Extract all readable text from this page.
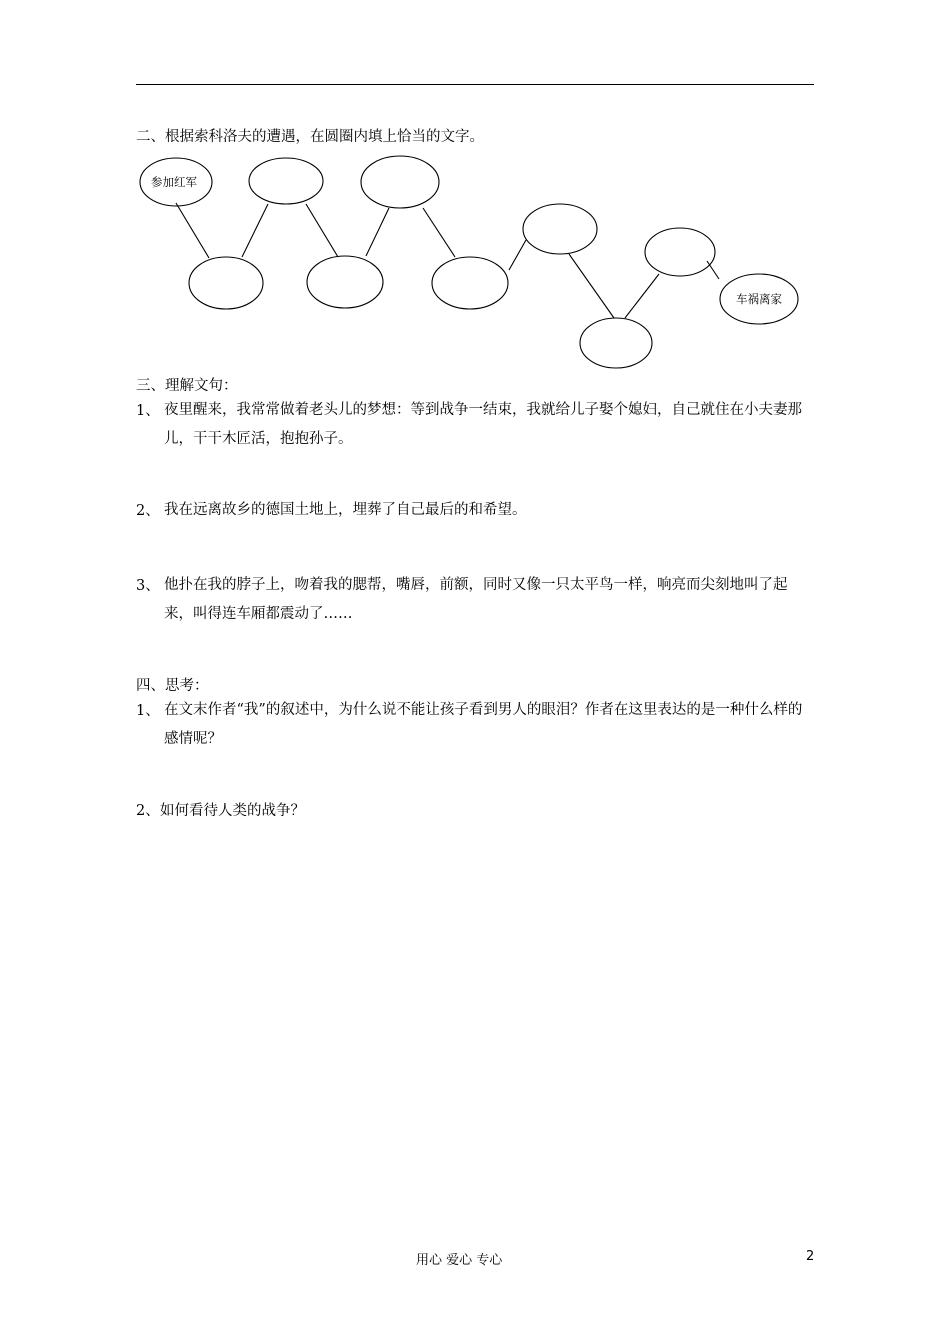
二、根据索科洛夫的遭遇，在圆圈内填上恰当的文字。
参加红军
车祸离家
三、理解文句：
1、 夜里醒来，我常常做着老头儿的梦想：等到战争一结束，我就给儿子娶个媳妇，自己就住在小夫妻那儿，干干木匠活，抱抱孙子。
2、 我在远离故乡的德国土地上，埋葬了自己最后的和希望。
3、 他扑在我的脖子上，吻着我的腮帮，嘴唇，前额，同时又像一只太平鸟一样，响亮而尖刻地叫了起来，叫得连车厢都震动了……
四、思考：
1、 在文末作者“我”的叙述中，为什么说不能让孩子看到男人的眼泪？作者在这里表达的是一种什么样的感情呢？
2、 如何看待人类的战争？
用心 爱心 专心	2
